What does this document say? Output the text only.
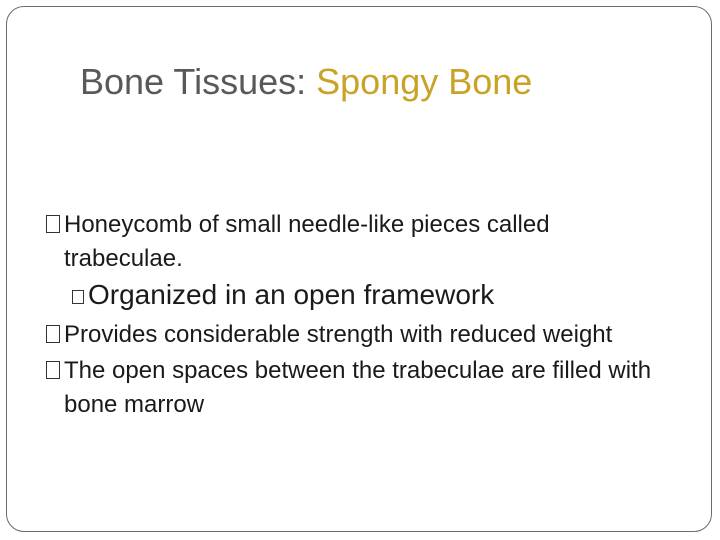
Bone Tissues: Spongy Bone
Honeycomb of small needle-like pieces called
trabeculae.
Organized in an open framework
Provides considerable strength with reduced weight
The open spaces between the trabeculae are filled with
bone marrow
